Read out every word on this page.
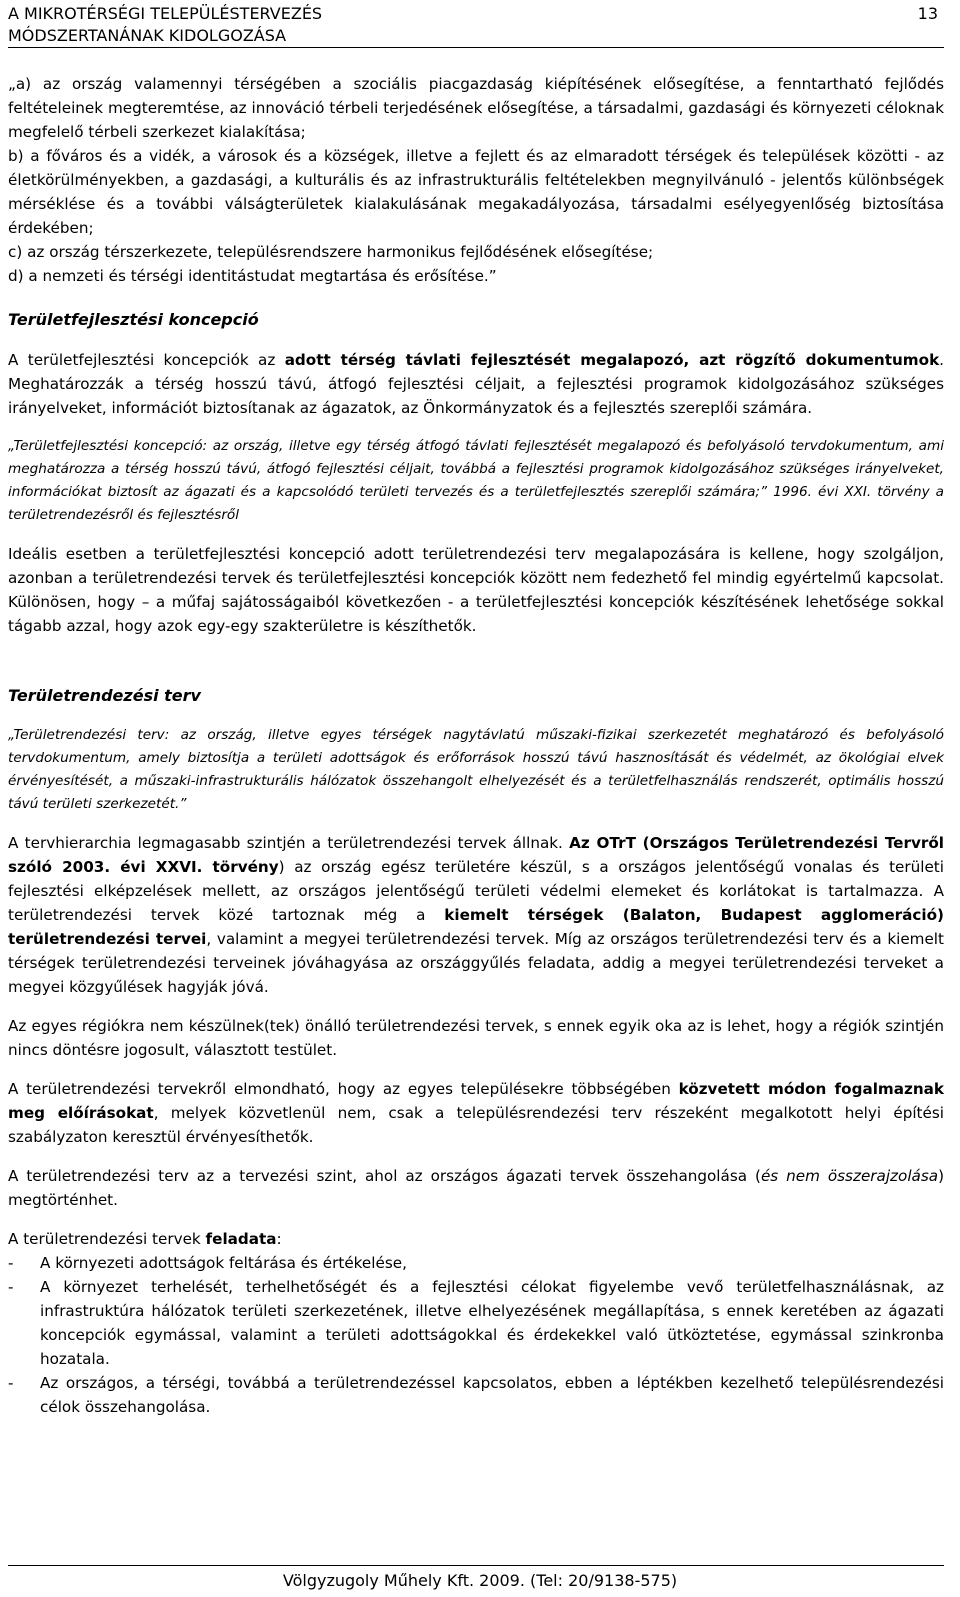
A MIKROTÉRSÉGI TELEPÜLÉSTERVEZÉS	13
MÓDSZERTANÁNAK KIDOLGOZÁSA

„a) az ország valamennyi térségében a szociális piacgazdaság kiépítésének elősegítése, a fenntartható fejlődés feltételeinek megteremtése, az innováció térbeli terjedésének elősegítése, a társadalmi, gazdasági és környezeti céloknak megfelelő térbeli szerkezet kialakítása;

b) a főváros és a vidék, a városok és a községek, illetve a fejlett és az elmaradott térségek és települések közötti - az életkörülményekben, a gazdasági, a kulturális és az infrastrukturális feltételekben megnyilvánuló - jelentős különbségek mérséklése és a további válságterületek kialakulásának megakadályozása, társadalmi esélyegyenlőség biztosítása érdekében;

c) az ország térszerkezete, településrendszere harmonikus fejlődésének elősegítése;

d) a nemzeti és térségi identitástudat megtartása és erősítése.”

Területfejlesztési koncepció

A területfejlesztési koncepciók az adott térség távlati fejlesztését megalapozó, azt rögzítő dokumentumok. Meghatározzák a térség hosszú távú, átfogó fejlesztési céljait, a fejlesztési programok kidolgozásához szükséges irányelveket, információt biztosítanak az ágazatok, az Önkormányzatok és a fejlesztés szereplői számára.

„Területfejlesztési koncepció: az ország, illetve egy térség átfogó távlati fejlesztését megalapozó és befolyásoló tervdokumentum, ami meghatározza a térség hosszú távú, átfogó fejlesztési céljait, továbbá a fejlesztési programok kidolgozásához szükséges irányelveket, információkat biztosít az ágazati és a kapcsolódó területi tervezés és a területfejlesztés szereplői számára;” 1996. évi XXI. törvény a területrendezésről és fejlesztésről

Ideális esetben a területfejlesztési koncepció adott területrendezési terv megalapozására is kellene, hogy szolgáljon, azonban a területrendezési tervek és területfejlesztési koncepciók között nem fedezhető fel mindig egyértelmű kapcsolat. Különösen, hogy – a műfaj sajátosságaiból következően - a területfejlesztési koncepciók készítésének lehetősége sokkal tágabb azzal, hogy azok egy-egy szakterületre is készíthetők.

Területrendezési terv

„Területrendezési terv: az ország, illetve egyes térségek nagytávlatú műszaki-fizikai szerkezetét meghatározó és befolyásoló tervdokumentum, amely biztosítja a területi adottságok és erőforrások hosszú távú hasznosítását és védelmét, az ökológiai elvek érvényesítését, a műszaki-infrastrukturális hálózatok összehangolt elhelyezését és a területfelhasználás rendszerét, optimális hosszú távú területi szerkezetét.”

A tervhierarchia legmagasabb szintjén a területrendezési tervek állnak. Az OTrT (Országos Területrendezési Tervről szóló 2003. évi XXVI. törvény) az ország egész területére készül, s a országos jelentőségű vonalas és területi fejlesztési elképzelések mellett, az országos jelentőségű területi védelmi elemeket és korlátokat is tartalmazza. A területrendezési tervek közé tartoznak még a kiemelt térségek (Balaton, Budapest agglomeráció) területrendezési tervei, valamint a megyei területrendezési tervek. Míg az országos területrendezési terv és a kiemelt térségek területrendezési terveinek jóváhagyása az országgyűlés feladata, addig a megyei területrendezési terveket a megyei közgyűlések hagyják jóvá.

Az egyes régiókra nem készülnek(tek) önálló területrendezési tervek, s ennek egyik oka az is lehet, hogy a régiók szintjén nincs döntésre jogosult, választott testület.

A területrendezési tervekről elmondható, hogy az egyes településekre többségében közvetett módon fogalmaznak meg előírásokat, melyek közvetlenül nem, csak a településrendezési terv részeként megalkotott helyi építési szabályzaton keresztül érvényesíthetők.

A területrendezési terv az a tervezési szint, ahol az országos ágazati tervek összehangolása (és nem összerajzolása) megtörténhet.

A területrendezési tervek feladata:

- A környezeti adottságok feltárása és értékelése,
- A környezet terhelését, terhelhetőségét és a fejlesztési célokat figyelembe vevő területfelhasználásnak, az infrastruktúra hálózatok területi szerkezetének, illetve elhelyezésének megállapítása, s ennek keretében az ágazati koncepciók egymással, valamint a területi adottságokkal és érdekekkel való ütköztetése, egymással szinkronba hozatala.
- Az országos, a térségi, továbbá a területrendezéssel kapcsolatos, ebben a léptékben kezelhető településrendezési célok összehangolása.
Völgyzugoly Műhely Kft. 2009. (Tel: 20/9138-575)
